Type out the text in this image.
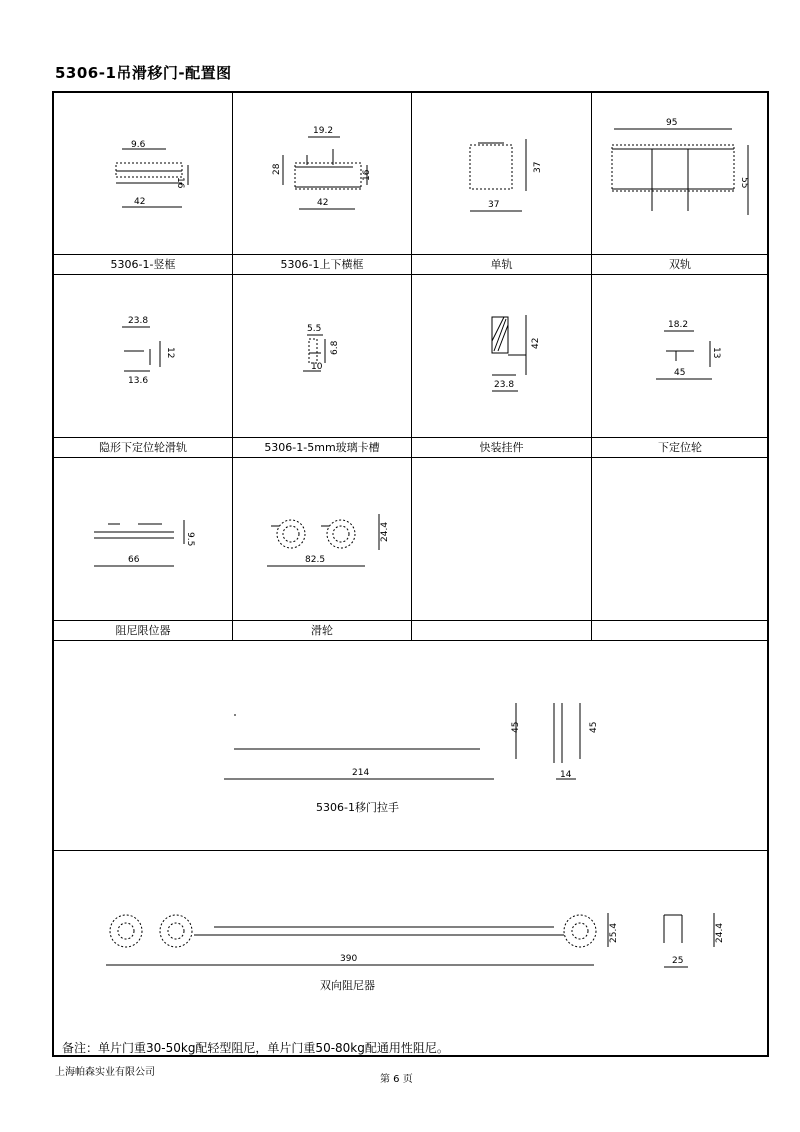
5306-1吊滑移门-配置图
9.6
42
16
19.2
28
16
42
37
37
95
55
5306-1-竖框	5306-1上下横框	单轨	双轨
23.8
12
13.6
5.5
6.8
10
42
23.8
18.2
13
45
隐形下定位轮滑轨	5306-1-5mm玻璃卡槽	快装挂件	下定位轮
9.5
66
24.4
82.5
阻尼限位器	滑轮
45	45
214	14
5306-1移门拉手
25.4	24.4
390	25
双向阻尼器
备注：单片门重30-50kg配轻型阻尼，单片门重50-80kg配通用性阻尼。
上海帕森实业有限公司
第 6 页
